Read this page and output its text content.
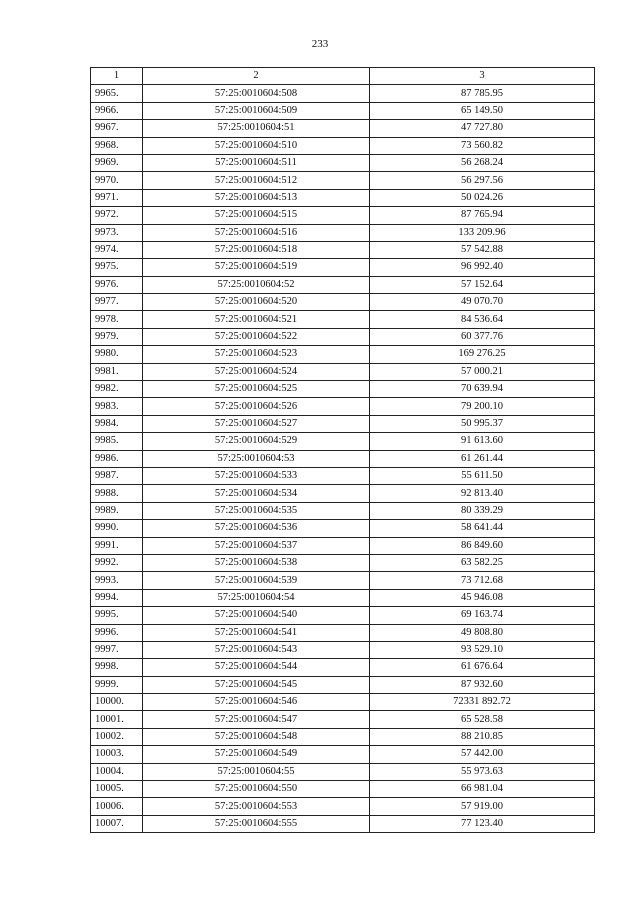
233
1	2	3
9965.	57:25:0010604:508	87 785.95
9966.	57:25:0010604:509	65 149.50
9967.	57:25:0010604:51	47 727.80
9968.	57:25:0010604:510	73 560.82
9969.	57:25:0010604:511	56 268.24
9970.	57:25:0010604:512	56 297.56
9971.	57:25:0010604:513	50 024.26
9972.	57:25:0010604:515	87 765.94
9973.	57:25:0010604:516	133 209.96
9974.	57:25:0010604:518	57 542.88
9975.	57:25:0010604:519	96 992.40
9976.	57:25:0010604:52	57 152.64
9977.	57:25:0010604:520	49 070.70
9978.	57:25:0010604:521	84 536.64
9979.	57:25:0010604:522	60 377.76
9980.	57:25:0010604:523	169 276.25
9981.	57:25:0010604:524	57 000.21
9982.	57:25:0010604:525	70 639.94
9983.	57:25:0010604:526	79 200.10
9984.	57:25:0010604:527	50 995.37
9985.	57:25:0010604:529	91 613.60
9986.	57:25:0010604:53	61 261.44
9987.	57:25:0010604:533	55 611.50
9988.	57:25:0010604:534	92 813.40
9989.	57:25:0010604:535	80 339.29
9990.	57:25:0010604:536	58 641.44
9991.	57:25:0010604:537	86 849.60
9992.	57:25:0010604:538	63 582.25
9993.	57:25:0010604:539	73 712.68
9994.	57:25:0010604:54	45 946.08
9995.	57:25:0010604:540	69 163.74
9996.	57:25:0010604:541	49 808.80
9997.	57:25:0010604:543	93 529.10
9998.	57:25:0010604:544	61 676.64
9999.	57:25:0010604:545	87 932.60
10000.	57:25:0010604:546	72331 892.72
10001.	57:25:0010604:547	65 528.58
10002.	57:25:0010604:548	88 210.85
10003.	57:25:0010604:549	57 442.00
10004.	57:25:0010604:55	55 973.63
10005.	57:25:0010604:550	66 981.04
10006.	57:25:0010604:553	57 919.00
10007.	57:25:0010604:555	77 123.40
